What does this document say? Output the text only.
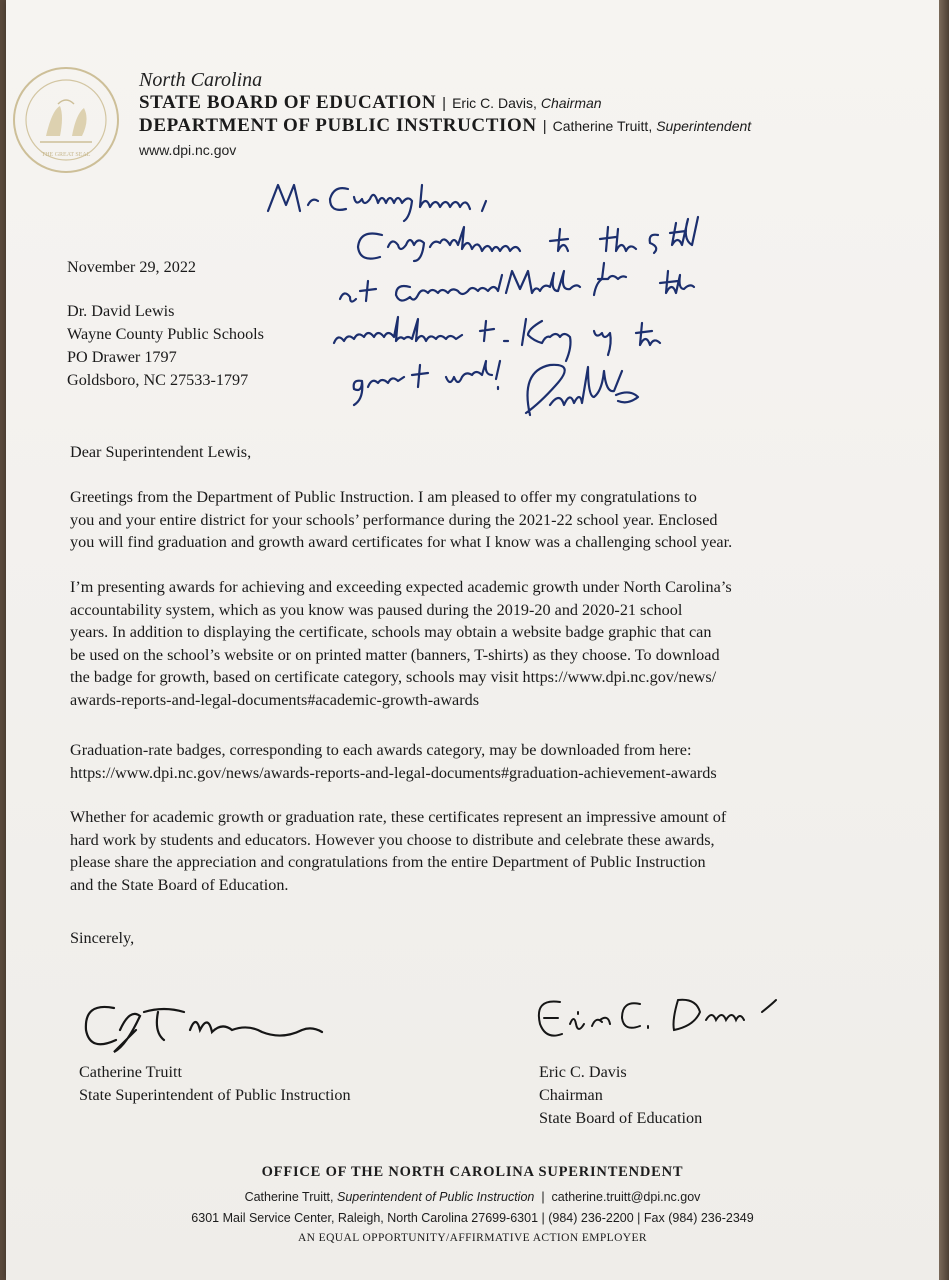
THE GREAT SEAL
North Carolina
STATE BOARD OF EDUCATION | Eric C. Davis, Chairman
DEPARTMENT OF PUBLIC INSTRUCTION | Catherine Truitt, Superintendent
www.dpi.nc.gov
November 29, 2022
Dr. David Lewis
Wayne County Public Schools
PO Drawer 1797
Goldsboro, NC 27533-1797
Dear Superintendent Lewis,
Greetings from the Department of Public Instruction. I am pleased to offer my congratulations to
you and your entire district for your schools’ performance during the 2021-22 school year. Enclosed
you will find graduation and growth award certificates for what I know was a challenging school year.
I’m presenting awards for achieving and exceeding expected academic growth under North Carolina’s
accountability system, which as you know was paused during the 2019-20 and 2020-21 school
years. In addition to displaying the certificate, schools may obtain a website badge graphic that can
be used on the school’s website or on printed matter (banners, T-shirts) as they choose. To download
the badge for growth, based on certificate category, schools may visit https://www.dpi.nc.gov/news/
awards-reports-and-legal-documents#academic-growth-awards
Graduation-rate badges, corresponding to each awards category, may be downloaded from here:
https://www.dpi.nc.gov/news/awards-reports-and-legal-documents#graduation-achievement-awards
Whether for academic growth or graduation rate, these certificates represent an impressive amount of
hard work by students and educators. However you choose to distribute and celebrate these awards,
please share the appreciation and congratulations from the entire Department of Public Instruction
and the State Board of Education.
Sincerely,
Catherine Truitt
State Superintendent of Public Instruction
Eric C. Davis
Chairman
State Board of Education
OFFICE OF THE NORTH CAROLINA SUPERINTENDENT
Catherine Truitt, Superintendent of Public Instruction  |  catherine.truitt@dpi.nc.gov
6301 Mail Service Center, Raleigh, North Carolina 27699-6301 | (984) 236-2200 | Fax (984) 236-2349
AN EQUAL OPPORTUNITY/AFFIRMATIVE ACTION EMPLOYER
